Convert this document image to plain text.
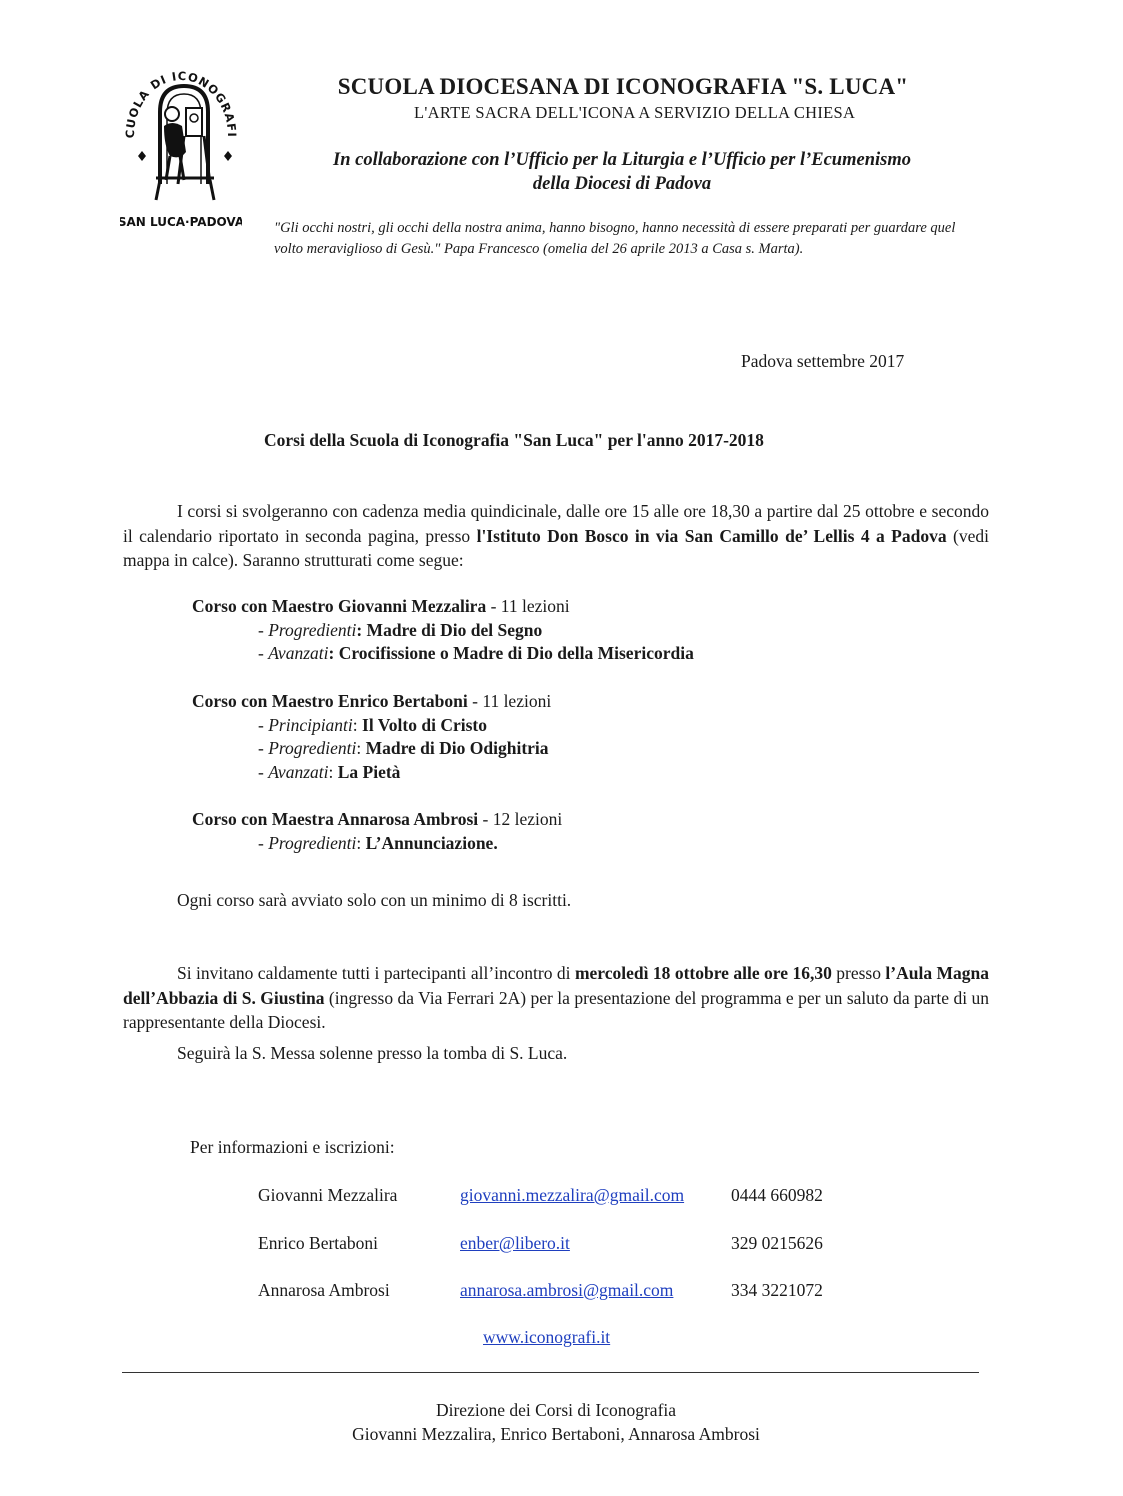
CUOLA DI ICONOGRAFI
SAN LUCA·PADOVA
SCUOLA DIOCESANA DI ICONOGRAFIA "S. LUCA"
L'ARTE SACRA DELL'ICONA A SERVIZIO DELLA CHIESA
In collaborazione con l’Ufficio per la Liturgia e l’Ufficio per l’Ecumenismo
della Diocesi di Padova
"Gli occhi nostri, gli occhi della nostra anima, hanno bisogno, hanno necessità di essere preparati per guardare quel volto meraviglioso di Gesù." Papa Francesco (omelia del 26 aprile 2013 a Casa s. Marta).
Padova settembre 2017
Corsi della Scuola di Iconografia "San Luca" per l'anno 2017-2018
I corsi si svolgeranno con cadenza media quindicinale, dalle ore 15 alle ore 18,30 a partire dal 25 ottobre e secondo il calendario riportato in seconda pagina, presso l'Istituto Don Bosco in via San Camillo de’ Lellis 4 a Padova (vedi mappa in calce). Saranno strutturati come segue:
Corso con Maestro Giovanni Mezzalira - 11 lezioni
- Progredienti: Madre di Dio del Segno
- Avanzati: Crocifissione o Madre di Dio della Misericordia
Corso con Maestro Enrico Bertaboni - 11 lezioni
- Principianti: Il Volto di Cristo
- Progredienti: Madre di Dio Odighitria
- Avanzati: La Pietà
Corso con Maestra Annarosa Ambrosi - 12 lezioni
- Progredienti: L’Annunciazione.
Ogni corso sarà avviato solo con un minimo di 8 iscritti.
Si invitano caldamente tutti i partecipanti all’incontro di mercoledì 18 ottobre alle ore 16,30 presso l’Aula Magna dell’Abbazia di S. Giustina (ingresso da Via Ferrari 2A) per la presentazione del programma e per un saluto da parte di un rappresentante della Diocesi.
Seguirà la S. Messa solenne presso la tomba di S. Luca.
Per informazioni e iscrizioni:
Giovanni Mezzalira	giovanni.mezzalira@gmail.com	0444 660982
Enrico Bertaboni	enber@libero.it	329 0215626
Annarosa Ambrosi	annarosa.ambrosi@gmail.com	334 3221072
www.iconografi.it
Direzione dei Corsi di Iconografia
Giovanni Mezzalira, Enrico Bertaboni, Annarosa Ambrosi
